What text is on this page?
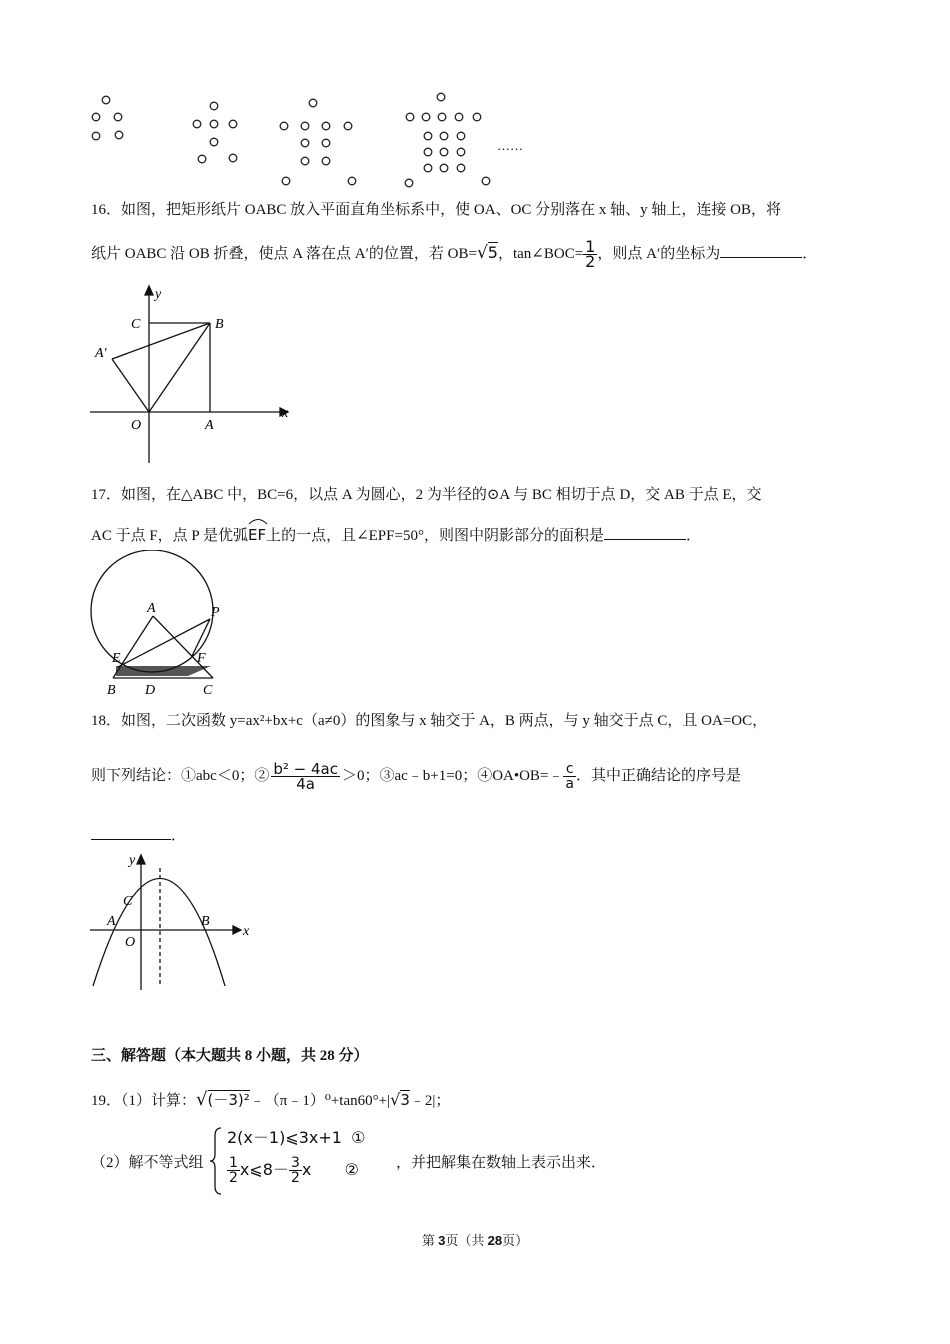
……
16．如图，把矩形纸片 OABC 放入平面直角坐标系中，使 OA、OC 分别落在 x 轴、y 轴上，连接 OB，将
纸片 OABC 沿 OB 折叠，使点 A 落在点 A′的位置，若 OB=√5，tan∠BOC= $\frac{1}{2}$ ，则点 A′的坐标为	．
y
x
C	B
A′
O	A
17．如图，在△ABC 中，BC=6，以点 A 为圆心，2 为半径的⊙A 与 BC 相切于点 D，交 AB 于点 E，交
AC 于点 F，点 P 是优弧
EF上的一点，且∠EPF=50°，则图中阴影部分的面积是	．
A	P
E	F
B D	C
18．如图，二次函数 y=ax²+bx+c（a≠0）的图象与 x 轴交于 A，B 两点，与 y 轴交于点 C，且 OA=OC，
则下列结论：①abc＜0；② $\frac{\text{b² − 4ac}}{4a} >0$；③ac﹣b+1=0；④OA•OB=﹣ $\frac{c}{a}$ ．其中正确结论的序号是
．
y
x
C
A	B
O
三、解答题（本大题共 8 小题，共 28 分）
19．（1）计算：√(－3)²﹣（π﹣1）⁰+tan60°+|√3﹣2|；
（2）解不等式组
2(x－1)⩽3x+1 ①
$\frac{1}{2}$ x⩽8－ $\frac{3}{2}$ x ② ，并把解集在数轴上表示出来．
第 3页（共 28页）
